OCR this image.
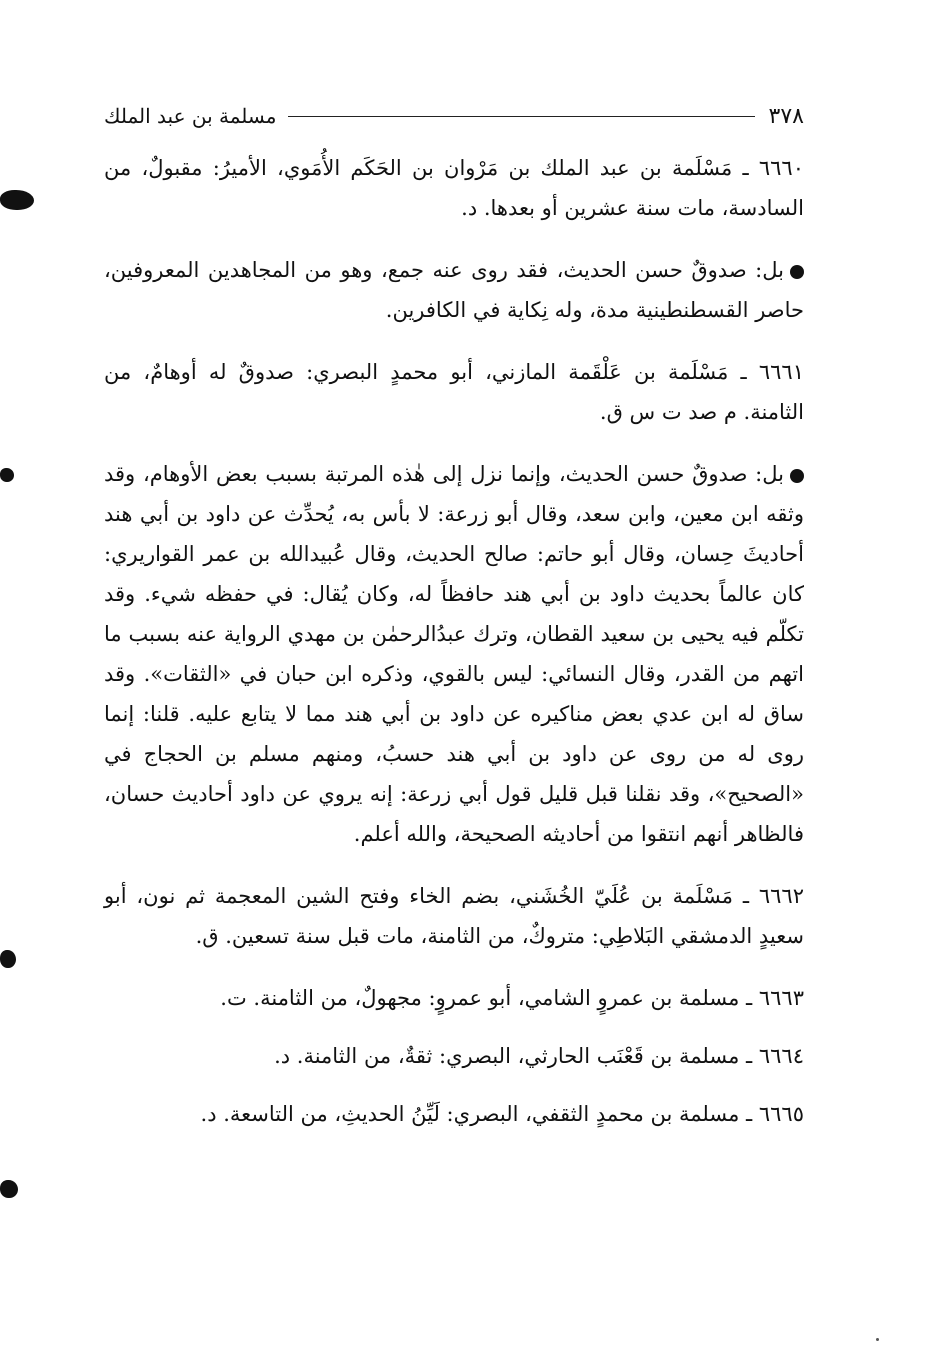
٣٧٨
مسلمة بن عبد الملك

٦٦٦٠ ـ مَسْلَمة بن عبد الملك بن مَرْوان بن الحَكَم الأُمَوي، الأميرُ: مقبولٌ، من السادسة، مات سنة عشرين أو بعدها. د.

بل: صدوقٌ حسن الحديث، فقد روى عنه جمع، وهو من المجاهدين المعروفين، حاصر القسطنطينية مدة، وله نِكاية في الكافرين.

٦٦٦١ ـ مَسْلَمة بن عَلْقَمة المازني، أبو محمدٍ البصري: صدوقٌ له أوهامٌ، من الثامنة. م صد ت س ق.

بل: صدوقٌ حسن الحديث، وإنما نزل إلى هٰذه المرتبة بسبب بعض الأوهام، وقد وثقه ابن معين، وابن سعد، وقال أبو زرعة: لا بأس به، يُحدِّث عن داود بن أبي هند أحاديثَ حِسان، وقال أبو حاتم: صالح الحديث، وقال عُبيدالله بن عمر القواريري: كان عالماً بحديث داود بن أبي هند حافظاً له، وكان يُقال: في حفظه شيء. وقد تكلّم فيه يحيى بن سعيد القطان، وترك عبدُالرحمٰن بن مهدي الرواية عنه بسبب ما اتهم من القدر، وقال النسائي: ليس بالقوي، وذكره ابن حبان في «الثقات». وقد ساق له ابن عدي بعض مناكيره عن داود بن أبي هند مما لا يتابع عليه. قلنا: إنما روى له من روى عن داود بن أبي هند حسبُ، ومنهم مسلم بن الحجاج في «الصحيح»، وقد نقلنا قبل قليل قول أبي زرعة: إنه يروي عن داود أحاديث حسان، فالظاهر أنهم انتقوا من أحاديثه الصحيحة، والله أعلم.

٦٦٦٢ ـ مَسْلَمة بن عُلَيّ الخُشَني، بضم الخاء وفتح الشين المعجمة ثم نون، أبو سعيدٍ الدمشقي البَلاطِي: متروكٌ، من الثامنة، مات قبل سنة تسعين. ق.

٦٦٦٣ ـ مسلمة بن عمروٍ الشامي، أبو عمروٍ: مجهولٌ، من الثامنة. ت.

٦٦٦٤ ـ مسلمة بن قَعْنَب الحارثي، البصري: ثقةٌ، من الثامنة. د.

٦٦٦٥ ـ مسلمة بن محمدٍ الثقفي، البصري: لَيِّنُ الحديثِ، من التاسعة. د.
